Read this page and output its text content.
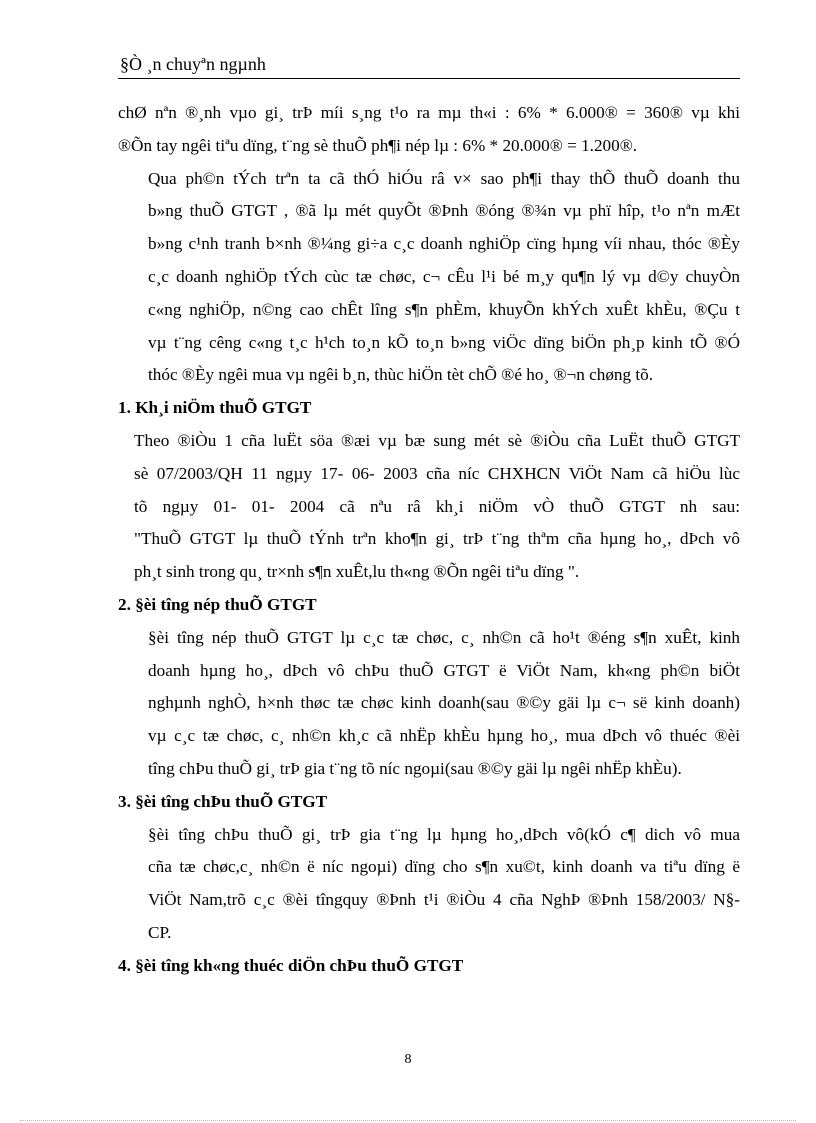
§Ò ¸n chuyªn ngµnh

chØ nªn ®¸nh vµo gi¸ trÞ míi s¸ng t¹o ra mµ th«i : 6% * 6.000® = 360® vµ khi
®Õn tay ngêi tiªu dïng, t¨ng sè thuÕ ph¶i nép lµ : 6% * 20.000® = 1.200®.

Qua ph©n tÝch trªn ta cã thÓ hiÓu râ v× sao ph¶i thay thÕ thuÕ doanh thu
b»ng thuÕ GTGT , ®ã lµ mét quyÕt ®Þnh ®óng ®¾n vµ phï hîp, t¹o nªn mÆt
b»ng c¹nh tranh b×nh ®¼ng gi÷a c¸c doanh nghiÖp cïng hµng víi nhau, thóc ®Èy
c¸c doanh nghiÖp tÝch cùc tæ chøc, c¬ cÊu l¹i bé m¸y qu¶n lý vµ d©y chuyÒn
c«ng nghiÖp, n©ng cao chÊt lîng s¶n phÈm, khuyÕn khÝch xuÊt khÈu, ®Çu t
vµ t¨ng cêng c«ng t¸c h¹ch to¸n kÕ to¸n b»ng viÖc dïng biÖn ph¸p kinh tÕ ®Ó
thóc ®Èy ngêi mua vµ ngêi b¸n, thùc hiÖn tèt chÕ ®é ho¸ ®¬n chøng tõ.

1. Kh¸i niÖm thuÕ GTGT

Theo ®iÒu 1 cña luËt söa ®æi vµ bæ sung mét sè ®iÒu cña LuËt thuÕ GTGT
sè 07/2003/QH 11 ngµy 17- 06- 2003 cña níc CHXHCN ViÖt Nam cã hiÖu lùc
tõ ngµy 01- 01- 2004 cã nªu râ kh¸i niÖm vÒ thuÕ GTGT nh sau:
"ThuÕ GTGT lµ thuÕ tÝnh trªn kho¶n gi¸ trÞ t¨ng thªm cña hµng ho¸, dÞch vô
ph¸t sinh trong qu¸ tr×nh s¶n xuÊt,lu th«ng ®Õn ngêi tiªu dïng ".

2. §èi tîng nép thuÕ GTGT

§èi tîng nép thuÕ GTGT lµ c¸c tæ chøc, c¸ nh©n cã ho¹t ®éng s¶n xuÊt, kinh
doanh hµng ho¸, dÞch vô chÞu thuÕ GTGT ë ViÖt Nam, kh«ng ph©n biÖt
nghµnh nghÒ, h×nh thøc tæ chøc kinh doanh(sau ®©y gäi lµ c¬ së kinh doanh)
vµ c¸c tæ chøc, c¸ nh©n kh¸c cã nhËp khÈu hµng ho¸, mua dÞch vô thuéc ®èi
tîng chÞu thuÕ gi¸ trÞ gia t¨ng tõ níc ngoµi(sau ®©y gäi lµ ngêi nhËp khÈu).

3. §èi tîng chÞu thuÕ GTGT

§èi tîng chÞu thuÕ gi¸ trÞ gia t¨ng lµ hµng ho¸,dÞch vô(kÓ c¶ dich vô mua
cña tæ chøc,c¸ nh©n ë níc ngoµi) dïng cho s¶n xu©t, kinh doanh va tiªu dïng ë
ViÖt Nam,trõ c¸c ®èi tîngquy ®Þnh t¹i ®iÒu 4 cña NghÞ ®Þnh 158/2003/ N§-
CP.

4. §èi tîng kh«ng thuéc diÖn chÞu thuÕ GTGT

8
